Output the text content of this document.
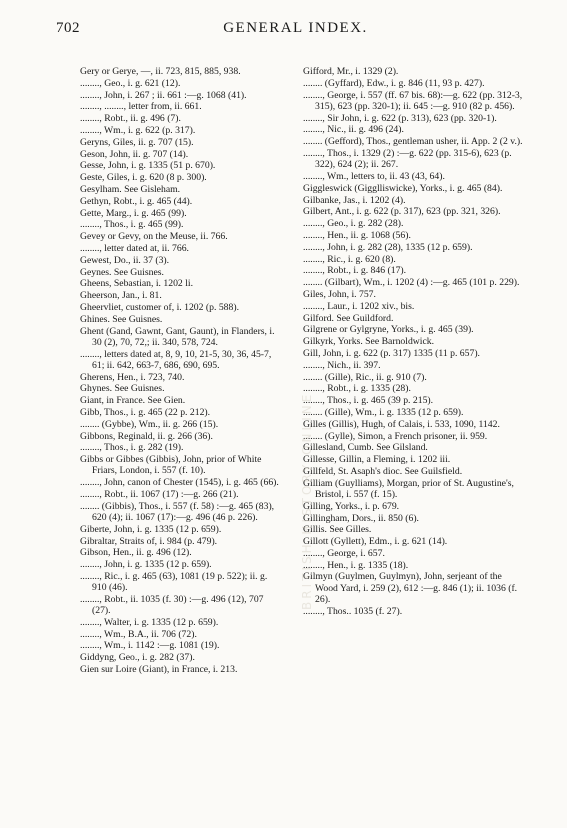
702	GENERAL INDEX.
Gery or Gerye, —, ii. 723, 815, 885, 938.
........, Geo., i. g. 621 (12).
........, John, i. 267 ; ii. 661 :—g. 1068 (41).
........, ........, letter from, ii. 661.
........, Robt., ii. g. 496 (7).
........, Wm., i. g. 622 (p. 317).
Geryns, Giles, ii. g. 707 (15).
Geson, John, ii. g. 707 (14).
Gesse, John, i. g. 1335 (51 p. 670).
Geste, Giles, i. g. 620 (8 p. 300).
Gesylham. See Gisleham.
Gethyn, Robt., i. g. 465 (44).
Gette, Marg., i. g. 465 (99).
........, Thos., i. g. 465 (99).
Gevey or Gevy, on the Meuse, ii. 766.
........, letter dated at, ii. 766.
Gewest, Do., ii. 37 (3).
Geynes. See Guisnes.
Gheens, Sebastian, i. 1202 li.
Gheerson, Jan., i. 81.
Gheervliet, customer of, i. 1202 (p. 588).
Ghines. See Guisnes.
Ghent (Gand, Gawnt, Gant, Gaunt), in Flanders, i. 30 (2), 70, 72,; ii. 340, 578, 724.
........, letters dated at, 8, 9, 10, 21-5, 30, 36, 45-7, 61; ii. 642, 663-7, 686, 690, 695.
Gherens, Hen., i. 723, 740.
Ghynes. See Guisnes.
Giant, in France. See Gien.
Gibb, Thos., i. g. 465 (22 p. 212).
........ (Gybbe), Wm., ii. g. 266 (15).
Gibbons, Reginald, ii. g. 266 (36).
........, Thos., i. g. 282 (19).
Gibbs or Gibbes (Gibbis), John, prior of White Friars, London, i. 557 (f. 10).
........, John, canon of Chester (1545), i. g. 465 (66).
........, Robt., ii. 1067 (17) :—g. 266 (21).
........ (Gibbis), Thos., i. 557 (f. 58) :—g. 465 (83), 620 (4); ii. 1067 (17):—g. 496 (46 p. 226).
Giberte, John, i. g. 1335 (12 p. 659).
Gibraltar, Straits of, i. 984 (p. 479).
Gibson, Hen., ii. g. 496 (12).
........, John, i. g. 1335 (12 p. 659).
........, Ric., i. g. 465 (63), 1081 (19 p. 522); ii. g. 910 (46).
........, Robt., ii. 1035 (f. 30) :—g. 496 (12), 707 (27).
........, Walter, i. g. 1335 (12 p. 659).
........, Wm., B.A., ii. 706 (72).
........, Wm., i. 1142 :—g. 1081 (19).
Giddyng, Geo., i. g. 282 (37).
Gien sur Loire (Giant), in France, i. 213.
Gifford, Mr., i. 1329 (2).
........ (Gyffard), Edw., i. g. 846 (11, 93 p. 427).
........, George, i. 557 (ff. 67 bis. 68):—g. 622 (pp. 312-3, 315), 623 (pp. 320-1); ii. 645 :—g. 910 (82 p. 456).
........, Sir John, i. g. 622 (p. 313), 623 (pp. 320-1).
........, Nic., ii. g. 496 (24).
........ (Gefford), Thos., gentleman usher, ii. App. 2 (2 v.).
........, Thos., i. 1329 (2) :—g. 622 (pp. 315-6), 623 (p. 322), 624 (2); ii. 267.
........, Wm., letters to, ii. 43 (43, 64).
Giggleswick (Gigglliswicke), Yorks., i. g. 465 (84).
Gilbanke, Jas., i. 1202 (4).
Gilbert, Ant., i. g. 622 (p. 317), 623 (pp. 321, 326).
........, Geo., i. g. 282 (28).
........, Hen., ii. g. 1068 (56).
........, John, i. g. 282 (28), 1335 (12 p. 659).
........, Ric., i. g. 620 (8).
........, Robt., i. g. 846 (17).
........ (Gilbart), Wm., i. 1202 (4) :—g. 465 (101 p. 229).
Giles, John, i. 757.
........, Laur., i. 1202 xiv., bis.
Gilford. See Guildford.
Gilgrene or Gylgryne, Yorks., i. g. 465 (39).
Gilkyrk, Yorks. See Barnoldwick.
Gill, John, i. g. 622 (p. 317) 1335 (11 p. 657).
........, Nich., ii. 397.
........ (Gille), Ric., ii. g. 910 (7).
........, Robt., i. g. 1335 (28).
........, Thos., i. g. 465 (39 p. 215).
........ (Gille), Wm., i. g. 1335 (12 p. 659).
Gilles (Gillis), Hugh, of Calais, i. 533, 1090, 1142.
........ (Gylle), Simon, a French prisoner, ii. 959.
Gillesland, Cumb. See Gilsland.
Gillesse, Gillin, a Fleming, i. 1202 iii.
Gillfeld, St. Asaph's dioc. See Guilsfield.
Gilliam (Guylliams), Morgan, prior of St. Augustine's, Bristol, i. 557 (f. 15).
Gilling, Yorks., i. p. 679.
Gillingham, Dors., ii. 850 (6).
Gillis. See Gilles.
Gillott (Gyllett), Edm., i. g. 621 (14).
........, George, i. 657.
........, Hen., i. g. 1335 (18).
Gilmyn (Guylmen, Guylmyn), John, serjeant of the Wood Yard, i. 259 (2), 612 :—g. 846 (1); ii. 1036 (f. 26).
........, Thos.. 1035 (f. 27).
BRITISH HISTORY ONLINE
